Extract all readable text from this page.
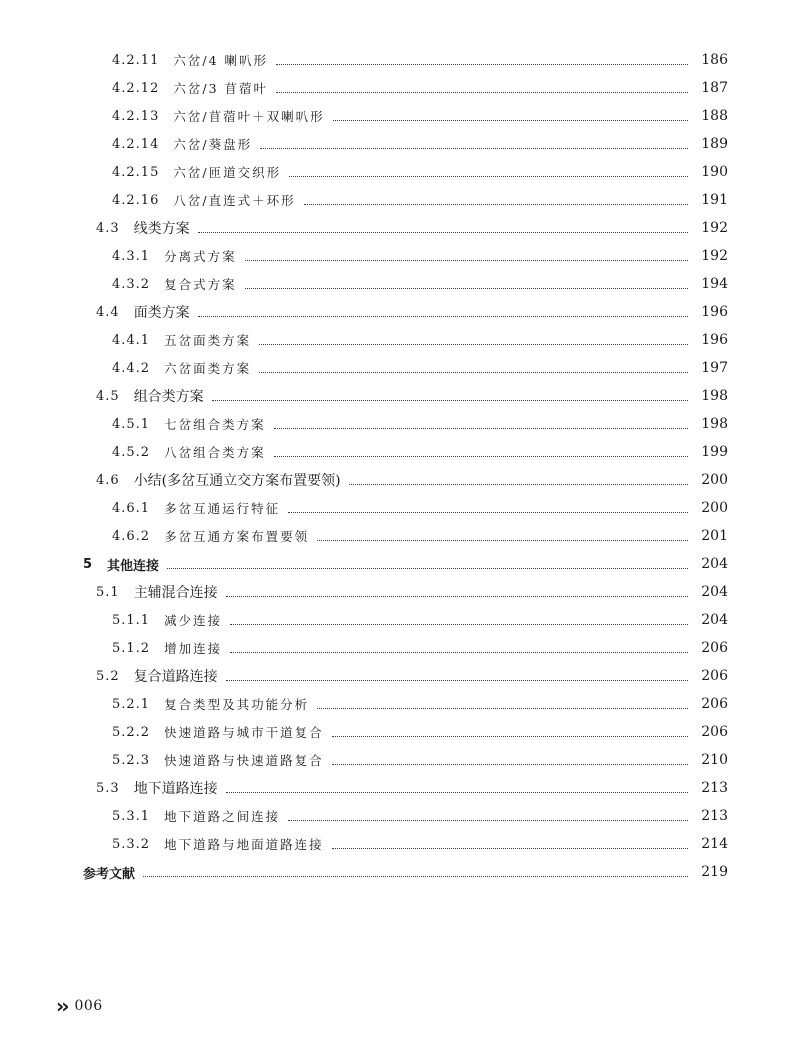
4.2.11 六岔/4 喇叭形	186
4.2.12 六岔/3 苜蓿叶	187
4.2.13 六岔/苜蓿叶＋双喇叭形	188
4.2.14 六岔/葵盘形	189
4.2.15 六岔/匝道交织形	190
4.2.16 八岔/直连式＋环形	191
4.3 线类方案	192
4.3.1 分离式方案	192
4.3.2 复合式方案	194
4.4 面类方案	196
4.4.1 五岔面类方案	196
4.4.2 六岔面类方案	197
4.5 组合类方案	198
4.5.1 七岔组合类方案	198
4.5.2 八岔组合类方案	199
4.6 小结(多岔互通立交方案布置要领)	200
4.6.1 多岔互通运行特征	200
4.6.2 多岔互通方案布置要领	201
5 其他连接	204
5.1 主辅混合连接	204
5.1.1 减少连接	204
5.1.2 增加连接	206
5.2 复合道路连接	206
5.2.1 复合类型及其功能分析	206
5.2.2 快速道路与城市干道复合	206
5.2.3 快速道路与快速道路复合	210
5.3 地下道路连接	213
5.3.1 地下道路之间连接	213
5.3.2 地下道路与地面道路连接	214
参考文献	219
›› 006
